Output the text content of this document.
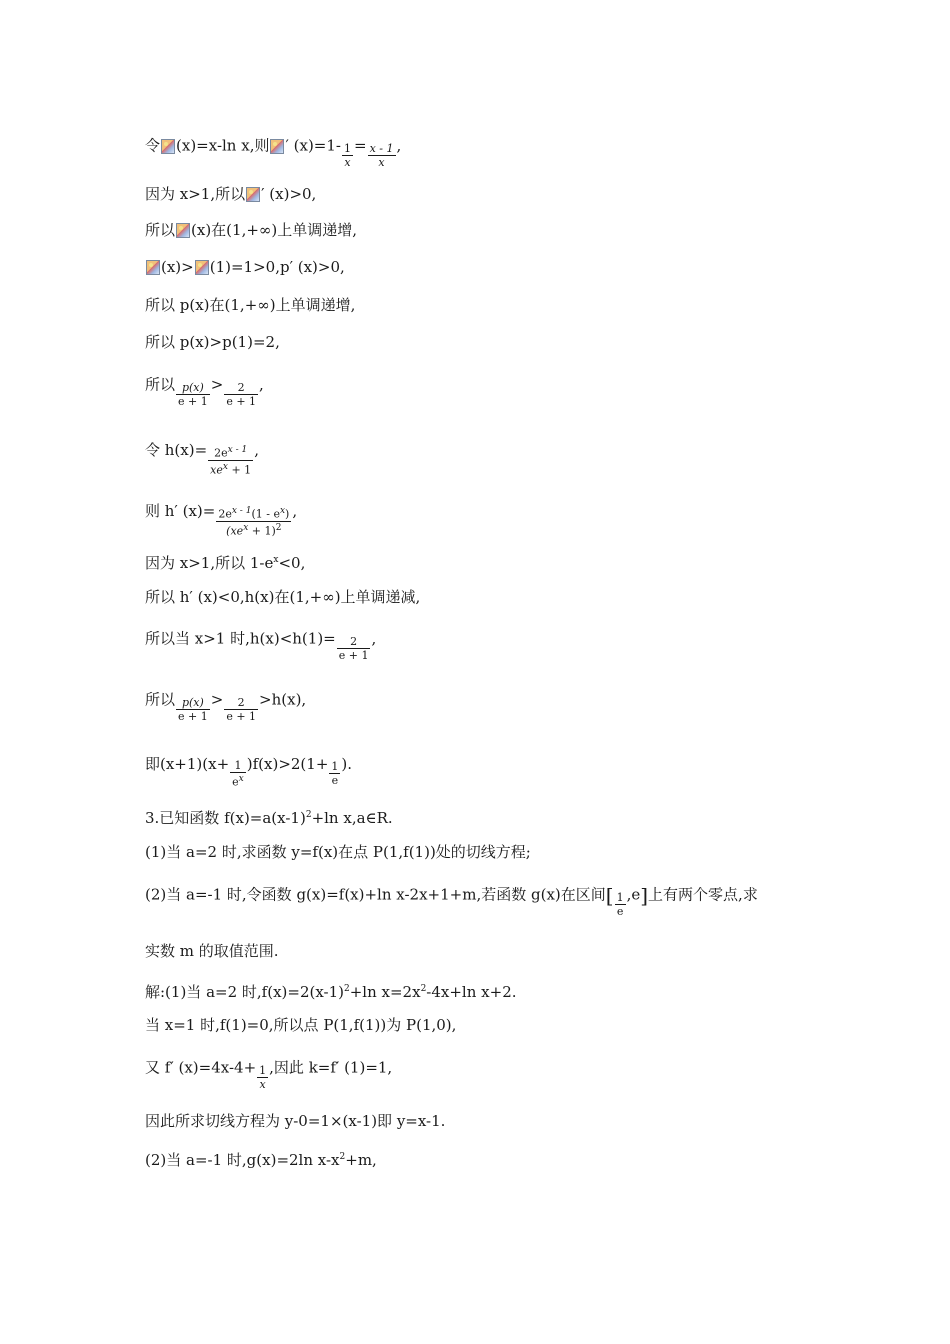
令 (x)=x-ln x,则 ′ $(x)=1- \frac{1}{x} = \frac{x - 1}{x}$ ,
因为 x>1,所以 ′ (x)>0,
所以 (x)在(1,+∞)上单调递增,
(x)> (1)=1>0,p′ (x)>0,
所以 p(x)在(1,+∞)上单调递增,
所以 p(x)>p(1)=2,
所以 $\frac{p(x)}{e + 1} > \frac{2}{e + 1}$ ,
令 $h(x)= \frac{2e^{x - 1}}{xe^x + 1}$ ,
则 h′ $(x)= \frac{2e^{x - 1}(1 - e^x)}{(xe^x + 1)^2}$ ,
因为 x>1,所以 $1-e^x<0$,
所以 h′ (x)<0,h(x)在(1,+∞)上单调递减,
所以当 x>1 时$,h(x)<h(1)= \frac{2}{e + 1}$ ,
所以 $\frac{p(x)}{e + 1} > \frac{2}{e + 1} >h(x)$,
即$(x+1)(x+ \frac{1}{e^x} )f(x)>2(1+ \frac{1}{e}$ ).
3.已知函数 $f(x)=a(x-1)^2+\ln$ x,a∈R.
(1)当 a=2 时,求函数 y=f(x)在点 P(1,f(1))处的切线方程;
(2)当 a=-1 时,令函数 g(x)=f(x)+ln x-2x+1+m,若函数 g(x)在区间[ $\frac{1}{e} ,e$]上有两个零点,求
实数 m 的取值范围.
解:(1)当 a=2 时$,f(x)=2(x-1)^2+\ln$ $x=2x^2-4x+\ln$ x+2.
当 x=1 时,f(1)=0,所以点 P(1,f(1))为 P(1,0),
又 f′ $(x)=4x-4+ \frac{1}{x}$ ,因此 k=f′ (1)=1,
因此所求切线方程为 y-0=1×(x-1)即 y=x-1.
(2)当 a=-1 时,g(x)=2ln $x-x^2+m$,
